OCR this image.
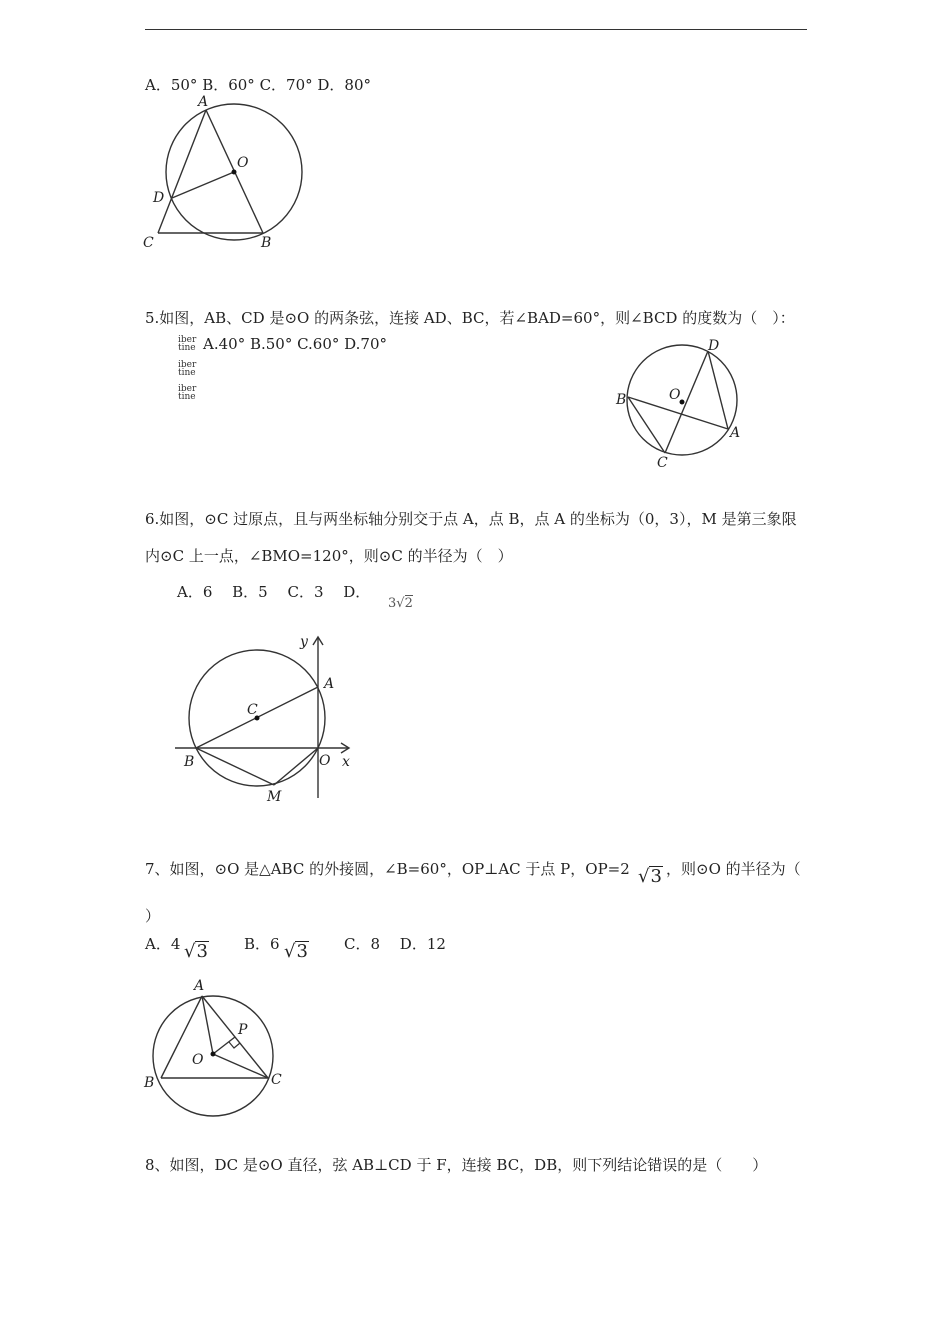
A．50° B．60° C．70° D．80°
A
O
D
C	B
5.如图，AB、CD 是⊙O 的两条弦，连接 AD、BC，若∠BAD=60°，则∠BCD 的度数为（　）：
iber
tine A.40° B.50° C.60° D.70°
iber
tine
iber
tine
D
O
B
A
C
6.如图，⊙C 过原点，且与两坐标轴分别交于点 A，点 B，点 A 的坐标为（0，3），M 是第三象限
内⊙C 上一点，∠BMO=120°，则⊙C 的半径为（　）
A．6　 B．5　 C．3　 D．
3√2
y
A
C
B	O x
M
7、如图，⊙O 是△ABC 的外接圆，∠B=60°，OP⊥AC 于点 P，OP=2 √3 ，则⊙O 的半径为（
）
A．4 √3 B．6 √3 C．8　 D．12
A
P
O
B	C
8、如图，DC 是⊙O 直径，弦 AB⊥CD 于 F，连接 BC，DB，则下列结论错误的是（　　）
